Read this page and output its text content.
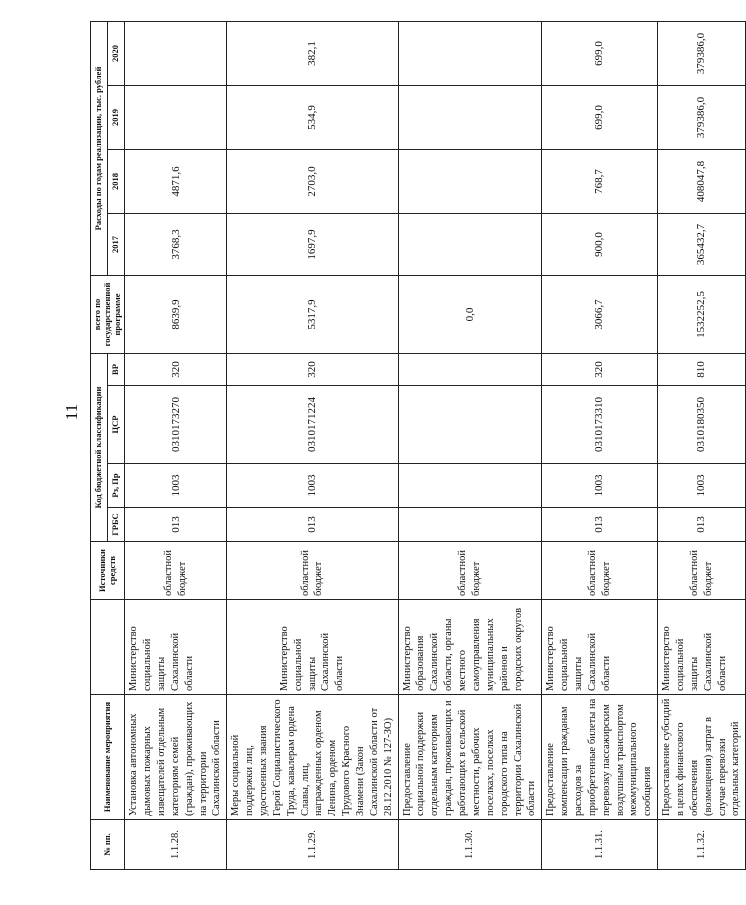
11
№ пп.	Наименование мероприятия		Источники средств	Код бюджетной классификации				всего по государственной программе	Расходы по годам реализации, тыс. рублей			
				ГРБС	Рз, Пр	ЦСР	ВР		2017	2018	2019	2020
1.1.28.	Установка автономных дымовых пожарных извещателей отдельным категориям семей (граждан), проживающих на территории Сахалинской области	Министерство социальной защиты Сахалинской области	областной бюджет	013	1003	0310173270	320	8639,9	3768,3	4871,6		
1.1.29.	Меры социальной поддержки лиц, удостоенных звания Герой Социалистического Труда, кавалерам ордена Славы, лиц, награжденных орденом Ленина, орденом Трудового Красного Знамени (Закон Сахалинской области от 28.12.2010 № 127-ЗО)	Министерство социальной защиты Сахалинской области	областной бюджет	013	1003	0310171224	320	5317,9	1697,9	2703,0	534,9	382,1
1.1.30.	Предоставление социальной поддержки отдельным категориям граждан, проживающих и работающих в сельской местности, рабочих поселках, поселках городского типа на территории Сахалинской области	Министерство образования Сахалинской области, органы местного самоуправления муниципальных районов и городских округов	областной бюджет					0,0				
1.1.31.	Предоставление компенсации гражданам расходов за приобретенные билеты на перевозку пассажирским воздушным транспортом межмуниципального сообщения	Министерство социальной защиты Сахалинской области	областной бюджет	013	1003	0310173310	320	3066,7	900,0	768,7	699,0	699,0
1.1.32.	Предоставление субсидий в целях финансового обеспечения (возмещения) затрат в случае перевозки отдельных категорий	Министерство социальной защиты Сахалинской области	областной бюджет	013	1003	0310180350	810	1532252,5	365432,7	408047,8	379386,0	379386,0
